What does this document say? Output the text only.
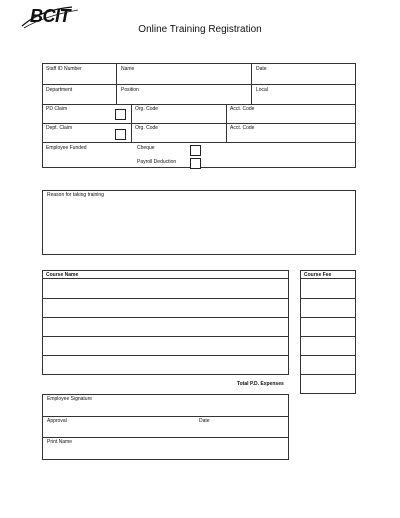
BCIT
Online Training Registration
Staff ID Number	Name	Date
Department	Position	Local
PD Claim	Org. Code	Acct. Code
Dept. Claim	Org. Code	Acct. Code
Employee Funded	Cheque
Payroll Deduction
Reason for taking training
Course Name	Course Fee
Total P.D. Expenses
Employee Signature
Approval	Date
Print Name
